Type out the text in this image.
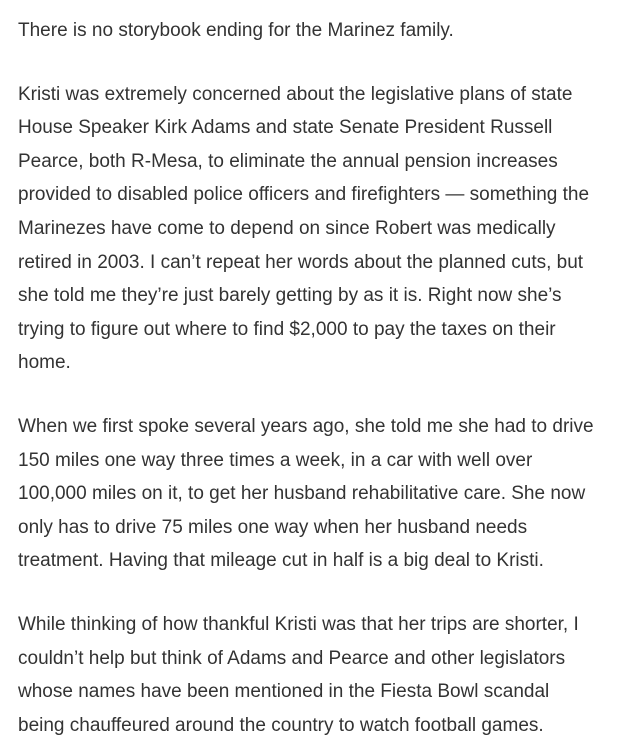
There is no storybook ending for the Marinez family.

Kristi was extremely concerned about the legislative plans of state House Speaker Kirk Adams and state Senate President Russell Pearce, both R-Mesa, to eliminate the annual pension increases provided to disabled police officers and firefighters — something the Marinezes have come to depend on since Robert was medically retired in 2003. I can’t repeat her words about the planned cuts, but she told me they’re just barely getting by as it is. Right now she’s trying to figure out where to find $2,000 to pay the taxes on their home.

When we first spoke several years ago, she told me she had to drive 150 miles one way three times a week, in a car with well over 100,000 miles on it, to get her husband rehabilitative care. She now only has to drive 75 miles one way when her husband needs treatment. Having that mileage cut in half is a big deal to Kristi.

While thinking of how thankful Kristi was that her trips are shorter, I couldn’t help but think of Adams and Pearce and other legislators whose names have been mentioned in the Fiesta Bowl scandal being chauffeured around the country to watch football games.
